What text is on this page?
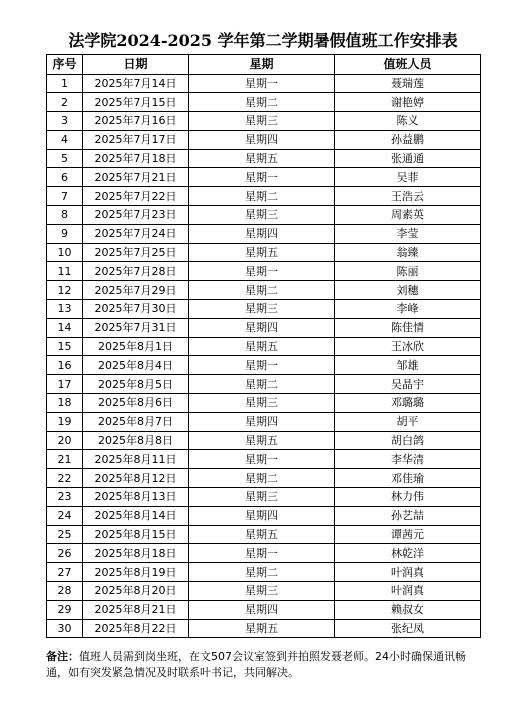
法学院2024-2025 学年第二学期暑假值班工作安排表
序号	日期	星期	值班人员
1	2025年7月14日	星期一	聂瑞莲
2	2025年7月15日	星期二	谢艳婷
3	2025年7月16日	星期三	陈义
4	2025年7月17日	星期四	孙益鹏
5	2025年7月18日	星期五	张通通
6	2025年7月21日	星期一	吴菲
7	2025年7月22日	星期二	王浩云
8	2025年7月23日	星期三	周素英
9	2025年7月24日	星期四	李莹
10	2025年7月25日	星期五	翁臻
11	2025年7月28日	星期一	陈丽
12	2025年7月29日	星期二	刘穗
13	2025年7月30日	星期三	李峰
14	2025年7月31日	星期四	陈佳情
15	2025年8月1日	星期五	王冰欣
16	2025年8月4日	星期一	邹雄
17	2025年8月5日	星期二	吴晶宇
18	2025年8月6日	星期三	邓璐璐
19	2025年8月7日	星期四	胡平
20	2025年8月8日	星期五	胡白鸽
21	2025年8月11日	星期一	李华清
22	2025年8月12日	星期二	邓佳瑜
23	2025年8月13日	星期三	林力伟
24	2025年8月14日	星期四	孙艺喆
25	2025年8月15日	星期五	谭茜元
26	2025年8月18日	星期一	林乾洋
27	2025年8月19日	星期二	叶润真
28	2025年8月20日	星期三	叶润真
29	2025年8月21日	星期四	赖叔女
30	2025年8月22日	星期五	张纪凤
备注：值班人员需到岗坐班，在文507会议室签到并拍照发聂老师。24小时确保通讯畅通，如有突发紧急情况及时联系叶书记，共同解决。
